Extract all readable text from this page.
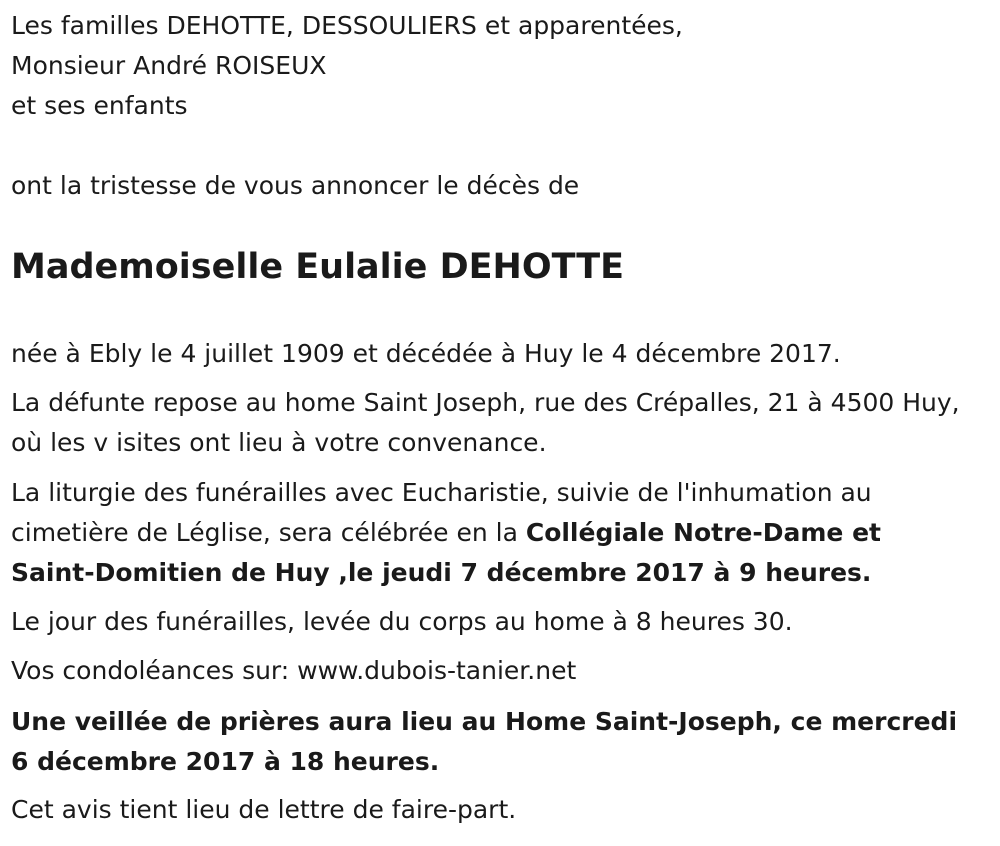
Les familles DEHOTTE, DESSOULIERS et apparentées,

Monsieur André ROISEUX

et ses enfants

ont la tristesse de vous annoncer le décès de

Mademoiselle Eulalie DEHOTTE

née à Ebly le 4 juillet 1909 et décédée à Huy le 4 décembre 2017.

La défunte repose au home Saint Joseph, rue des Crépalles, 21 à 4500 Huy, où les v isites ont lieu à votre convenance.

La liturgie des funérailles avec Eucharistie, suivie de l'inhumation au cimetière de Léglise, sera célébrée en la Collégiale Notre-Dame et Saint-Domitien de Huy ,le jeudi 7 décembre 2017 à 9 heures.

Le jour des funérailles, levée du corps au home à 8 heures 30.

Vos condoléances sur: www.dubois-tanier.net

Une veillée de prières aura lieu au Home Saint-Joseph, ce mercredi 6 décembre 2017 à 18 heures.

Cet avis tient lieu de lettre de faire-part.
